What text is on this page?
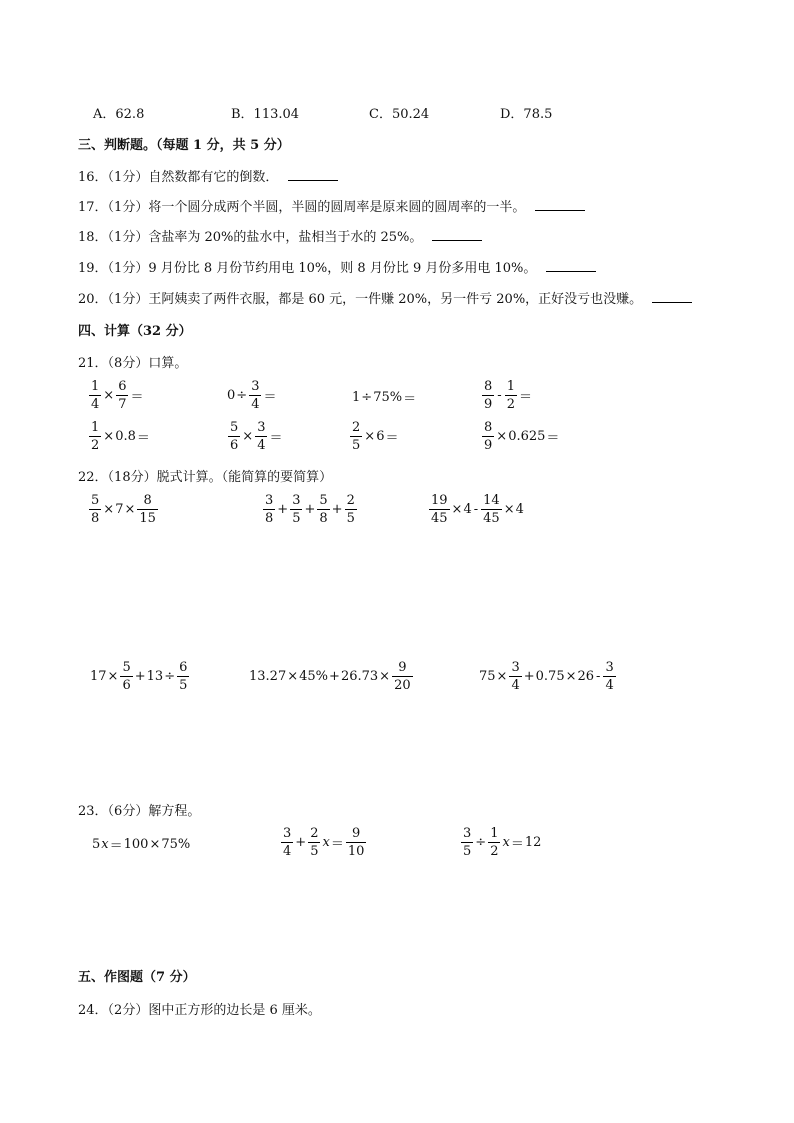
A．62.8	B．113.04	C．50.24	D．78.5
三、判断题。（每题 1 分，共 5 分）
16．（1分）自然数都有它的倒数．
17．（1分）将一个圆分成两个半圆，半圆的圆周率是原来圆的圆周率的一半。
18．（1分）含盐率为 20%的盐水中，盐相当于水的 25%。
19．（1分）9 月份比 8 月份节约用电 10%，则 8 月份比 9 月份多用电 10%。
20．（1分）王阿姨卖了两件衣服，都是 60 元，一件赚 20%，另一件亏 20%，正好没亏也没赚。
四、计算（32 分）
21．（8分）口算。
$\frac{1}{4} \times \frac{6}{7}$ ＝	$0 \div \frac{3}{4}$ ＝	1 ÷ 75% ＝	$\frac{8}{9} - \frac{1}{2}$ ＝
$\frac{1}{2} \times 0.8$ ＝	$\frac{5}{6} \times \frac{3}{4}$ ＝	$\frac{2}{5} \times 6$ ＝	$\frac{8}{9} \times 0.625$ ＝
22．（18分）脱式计算。（能简算的要简算）
$\frac{5}{8} \times 7 \times \frac{8}{15}$	$\frac{3}{8} + \frac{3}{5} + \frac{5}{8} + \frac{2}{5}$	$\frac{19}{45} \times 4 - \frac{14}{45} \times 4$
$17 \times \frac{5}{6} + 13 \div \frac{6}{5}$	$13.27 \times 45\% + 26.73 \times \frac{9}{20}$	$75 \times \frac{3}{4} + 0.75 \times 26 - \frac{3}{4}$
23．（6分）解方程。
5 x ＝ 100 × 75%	$\frac{3}{4} + \frac{2}{5}$ $x = \frac{9}{10}$	$\frac{3}{5} \div \frac{1}{2}$ x ＝ 12
五、作图题（7 分）
24．（2分）图中正方形的边长是 6 厘米。
